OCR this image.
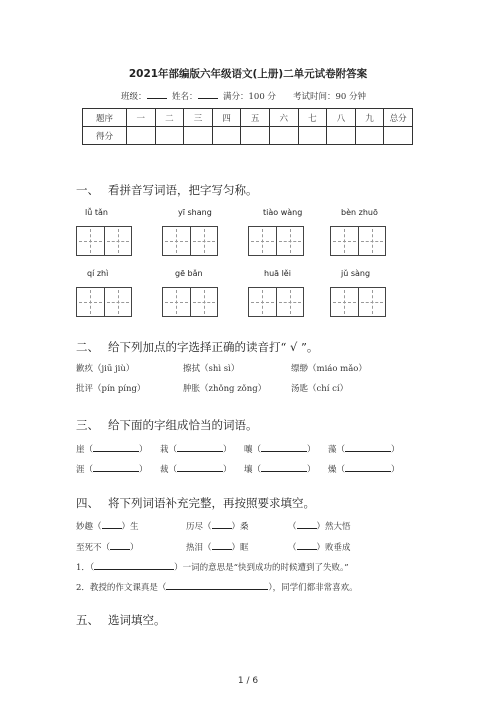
2021年部编版六年级语文(上册)二单元试卷附答案
班级：	姓名：	满分：100 分 考试时间：90 分钟
题序	一	二	三	四	五	六	七	八	九	总分
得分										
一、 看拼音写词语，把字写匀称。
lǚ tǎn	yī shang	tiào wàng	bèn zhuō
qí zhì	gē bǎn	huā lěi	jǔ sàng
二、 给下列加点的字选择正确的读音打“ √ ”。
歉疚（jiū jiù）	擦拭（shì sì）	缥缈（miáo mǎo）
批评（pín píng）	肿胀（zhǒng zǒng）	汤匙（chí cí）
三、 给下面的字组成恰当的词语。
崖（	） 栽（	） 嚷（	） 藻（	）
涯（	） 裁（	） 壤（	） 燥（	）
四、 将下列词语补充完整，再按照要求填空。
妙趣（ ）生	历尽（ ）桑	（ ）然大悟
至死不（ ）	热泪（ ）眶	（ ）败垂成
1．（	）一词的意思是“快到成功的时候遭到了失败。”
2．教授的作文课真是（	），同学们都非常喜欢。
五、 选词填空。
1 / 6
